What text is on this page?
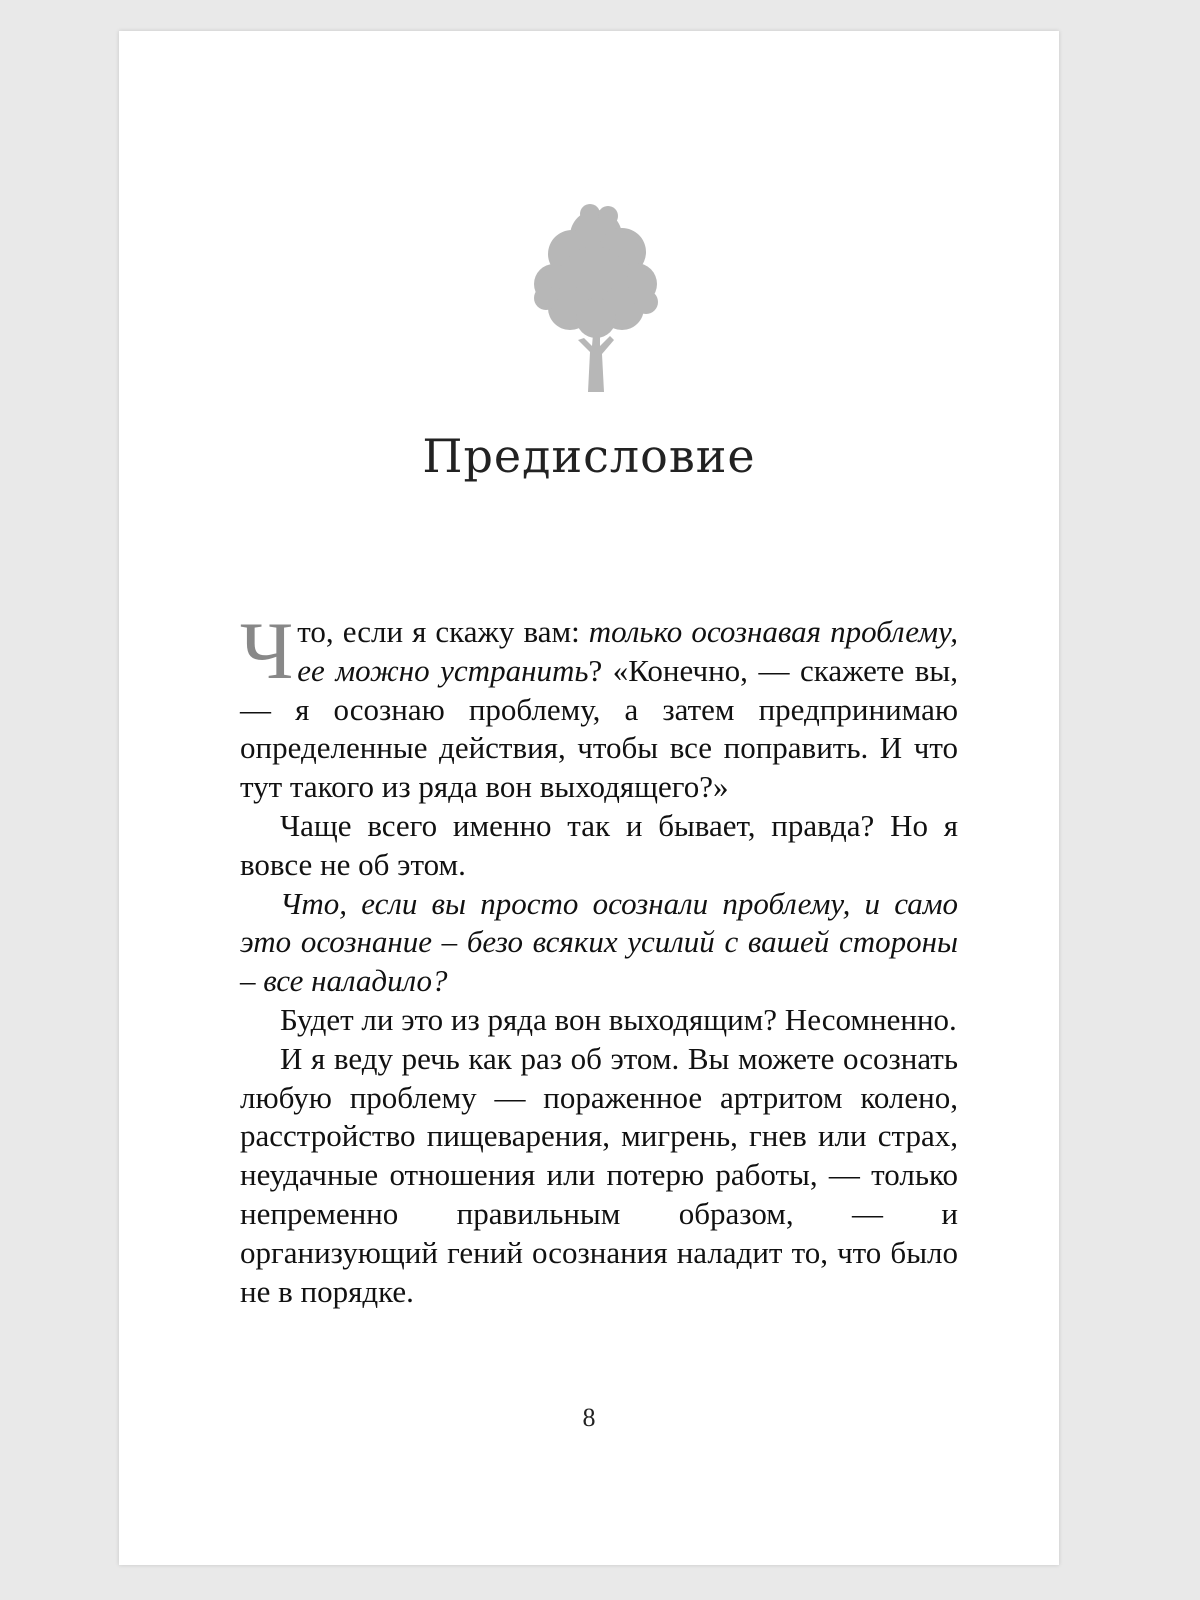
Предисловие

Что, если я скажу вам: только осознавая проблему, ее можно устранить? «Конечно, — скажете вы, — я осознаю проблему, а затем предпринимаю определенные действия, чтобы все поправить. И что тут такого из ряда вон выходящего?»

Чаще всего именно так и бывает, правда? Но я вовсе не об этом.

Что, если вы просто осознали проблему, и само это осознание – безо всяких усилий с вашей стороны – все наладило?

Будет ли это из ряда вон выходящим? Несомненно.

И я веду речь как раз об этом. Вы можете осознать любую проблему — пораженное артритом колено, расстройство пищеварения, мигрень, гнев или страх, неудачные отношения или потерю работы, — только непременно правильным образом, — и организующий гений осознания наладит то, что было не в порядке.

8
